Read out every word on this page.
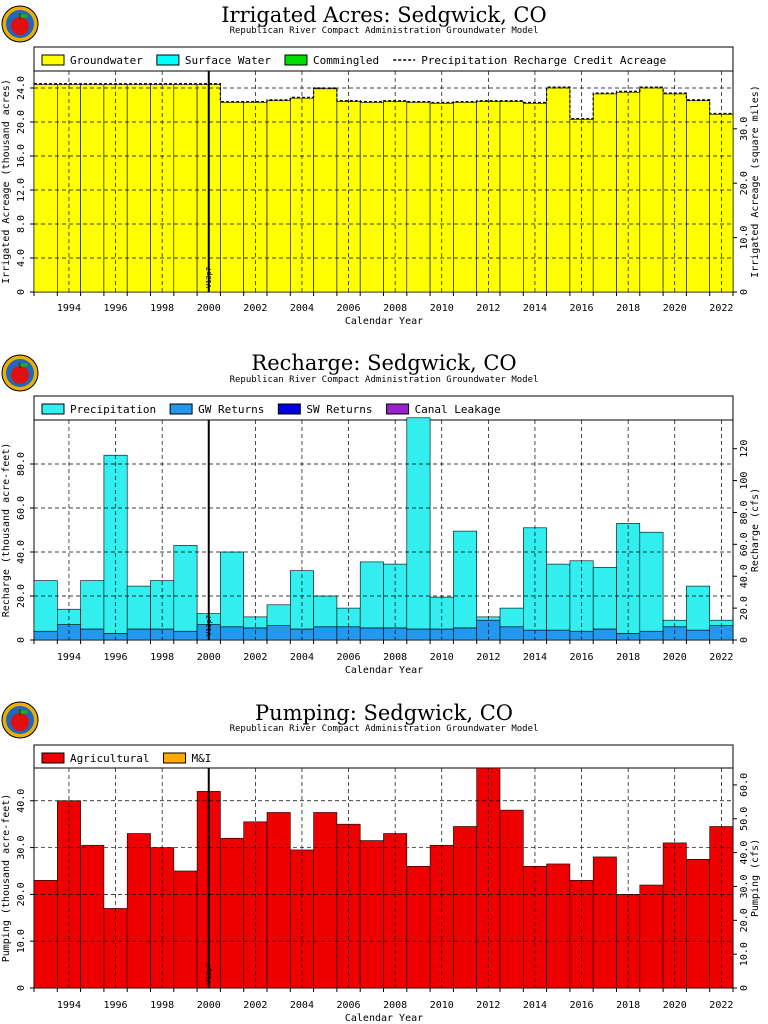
Irrigated Acres: Sedgwick, CO
Republican River Compact Administration Groundwater Model
V12p7
1994 1996 1998 2000 2002 2004 2006 2008 2010 2012 2014 2016 2018 2020 2022
Calendar Year
0
4.0
8.0
12.0
16.0
20.0
24.0
Irrigated Acreage (thousand acres)
0
10.0
20.0
30.0 Irrigated Acreage (square miles)
Groundwater	Surface Water	Commingled	Precipitation Recharge Credit Acreage
Recharge: Sedgwick, CO
Republican River Compact Administration Groundwater Model
V12p7
1994 1996 1998 2000 2002 2004 2006 2008 2010 2012 2014 2016 2018 2020 2022
Calendar Year
0
20.0
40.0
60.0
80.0
Recharge (thousand acre-feet)
0
20.0
40.0
60.0
80.0
100
120
Recharge (cfs)
Precipitation	GW Returns	SW Returns	Canal Leakage
Pumping: Sedgwick, CO
Republican River Compact Administration Groundwater Model
V12p7
1994 1996 1998 2000 2002 2004 2006 2008 2010 2012 2014 2016 2018 2020 2022
Calendar Year
0
10.0
20.0
30.0
40.0
Pumping (thousand acre-feet)
0
10.0
20.0
30.0
40.0
50.0
60.0
Pumping (cfs)
Agricultural	M&I
